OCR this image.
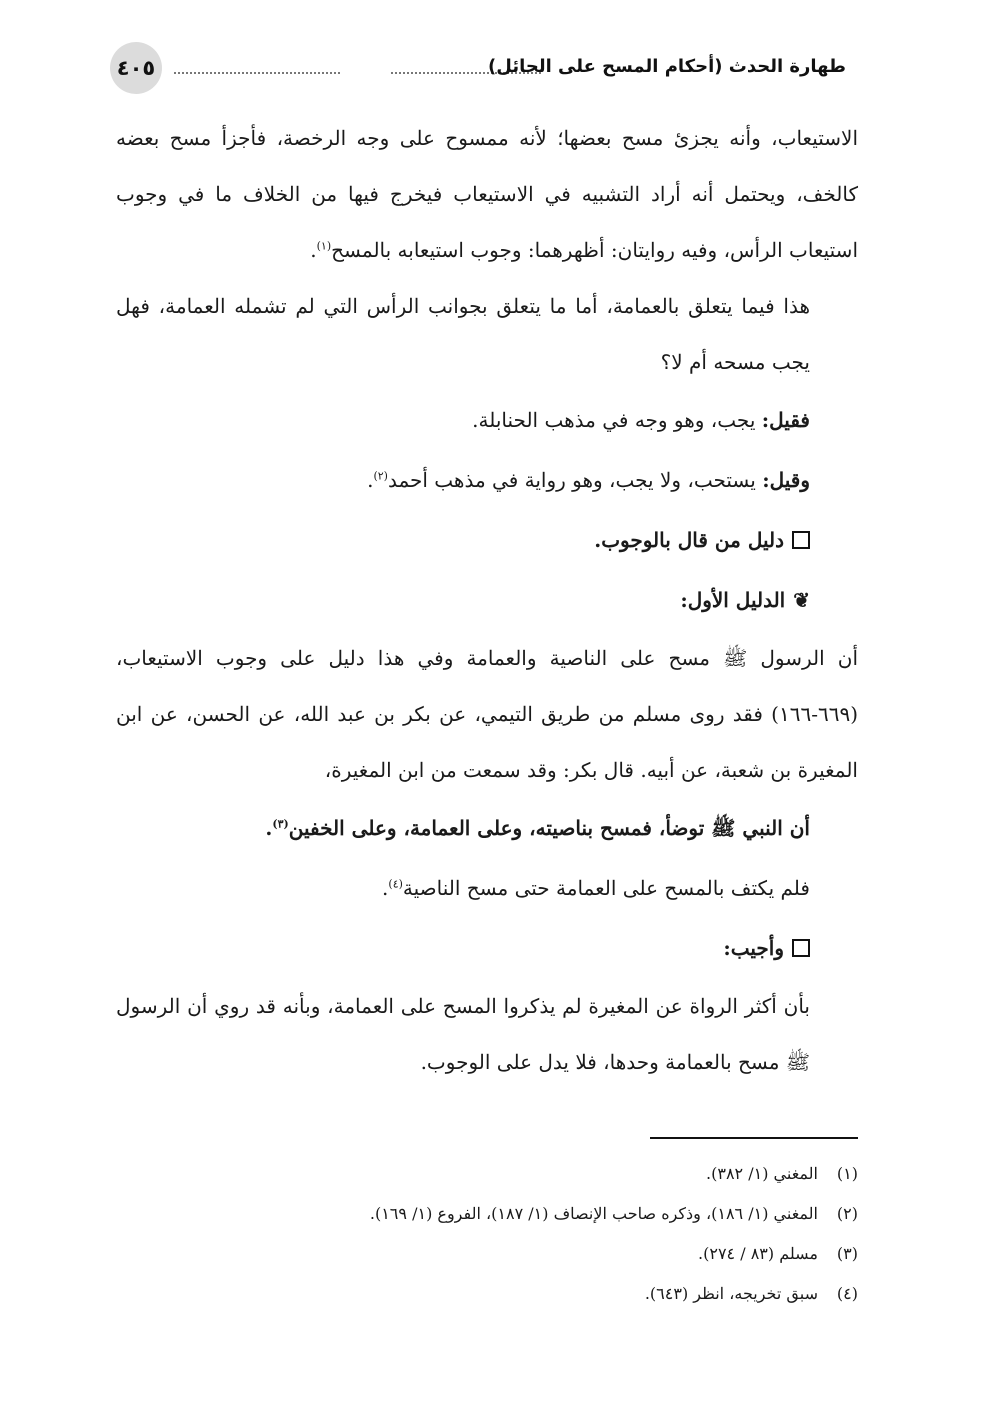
٤٠٥	طهارة الحدث (أحكام المسح على الحائل)

الاستيعاب، وأنه يجزئ مسح بعضها؛ لأنه ممسوح على وجه الرخصة، فأجزأ مسح بعضه كالخف، ويحتمل أنه أراد التشبيه في الاستيعاب فيخرج فيها من الخلاف ما في وجوب استيعاب الرأس، وفيه روايتان: أظهرهما: وجوب استيعابه بالمسح$^{(١)}$.

هذا فيما يتعلق بالعمامة، أما ما يتعلق بجوانب الرأس التي لم تشمله العمامة، فهل يجب مسحه أم لا؟

فقيل: يجب، وهو وجه في مذهب الحنابلة.

وقيل: يستحب، ولا يجب، وهو رواية في مذهب أحمد$^{(٢)}$.

دليل من قال بالوجوب.

❦الدليل الأول:

أن الرسول ﷺ مسح على الناصية والعمامة وفي هذا دليل على وجوب الاستيعاب، (٦٦٩-١٦٦) فقد روى مسلم من طريق التيمي، عن بكر بن عبد الله، عن الحسن، عن ابن المغيرة بن شعبة، عن أبيه. قال بكر: وقد سمعت من ابن المغيرة،

أن النبي ﷺ توضأ، فمسح بناصيته، وعلى العمامة، وعلى الخفين$^{(٣)}$.

فلم يكتف بالمسح على العمامة حتى مسح الناصية$^{(٤)}$.

وأجيب:

بأن أكثر الرواة عن المغيرة لم يذكروا المسح على العمامة، وبأنه قد روي أن الرسول ﷺ مسح بالعمامة وحدها، فلا يدل على الوجوب.

(١)المغني (١/ ٣٨٢).

(٢)المغني (١/ ١٨٦)، وذكره صاحب الإنصاف (١/ ١٨٧)، الفروع (١/ ١٦٩).

(٣)مسلم (٨٣ / ٢٧٤).

(٤)سبق تخريجه، انظر (٦٤٣).
